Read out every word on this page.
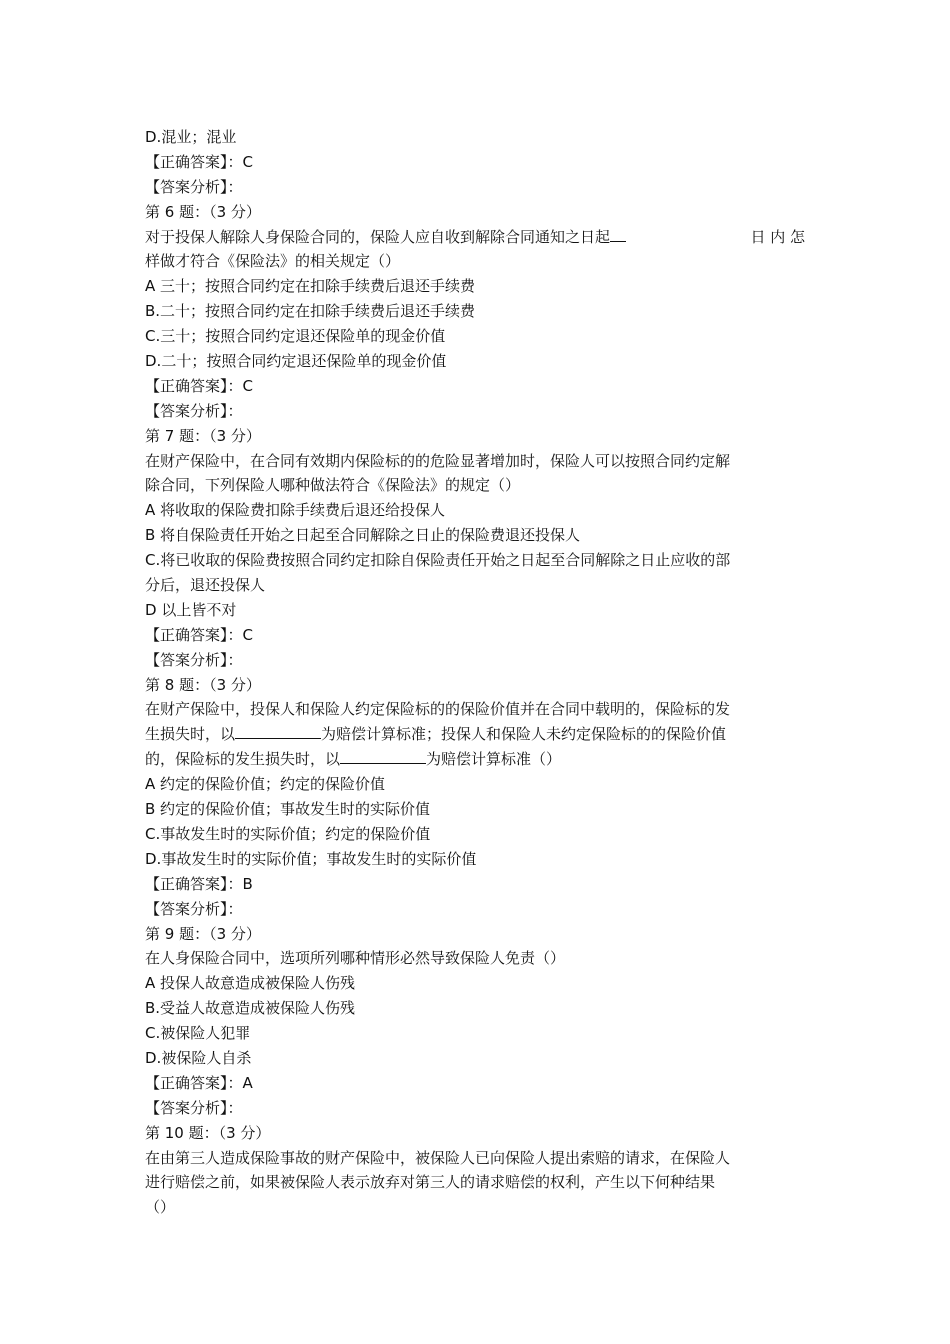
D.混业；混业
【正确答案】：C
【答案分析】：
第 6 题：（3 分）
对于投保人解除人身保险合同的，保险人应自收到解除合同通知之日起	日 内 怎
样做才符合《保险法》的相关规定（）
A 三十；按照合同约定在扣除手续费后退还手续费
B.二十；按照合同约定在扣除手续费后退还手续费
C.三十；按照合同约定退还保险单的现金价值
D.二十；按照合同约定退还保险单的现金价值
【正确答案】：C
【答案分析】：
第 7 题：（3 分）
在财产保险中，在合同有效期内保险标的的危险显著增加时，保险人可以按照合同约定解
除合同，下列保险人哪种做法符合《保险法》的规定（）
A 将收取的保险费扣除手续费后退还给投保人
B 将自保险责任开始之日起至合同解除之日止的保险费退还投保人
C.将已收取的保险费按照合同约定扣除自保险责任开始之日起至合同解除之日止应收的部
分后，退还投保人
D 以上皆不对
【正确答案】：C
【答案分析】：
第 8 题：（3 分）
在财产保险中，投保人和保险人约定保险标的的保险价值并在合同中载明的，保险标的发
生损失时，以	为赔偿计算标准；投保人和保险人未约定保险标的的保险价值
的，保险标的发生损失时，以	为赔偿计算标准（）
A 约定的保险价值；约定的保险价值
B 约定的保险价值；事故发生时的实际价值
C.事故发生时的实际价值；约定的保险价值
D.事故发生时的实际价值；事故发生时的实际价值
【正确答案】：B
【答案分析】：
第 9 题：（3 分）
在人身保险合同中，选项所列哪种情形必然导致保险人免责（）
A 投保人故意造成被保险人伤残
B.受益人故意造成被保险人伤残
C.被保险人犯罪
D.被保险人自杀
【正确答案】：A
【答案分析】：
第 10 题：（3 分）
在由第三人造成保险事故的财产保险中，被保险人已向保险人提出索赔的请求，在保险人
进行赔偿之前，如果被保险人表示放弃对第三人的请求赔偿的权利，产生以下何种结果
（）
